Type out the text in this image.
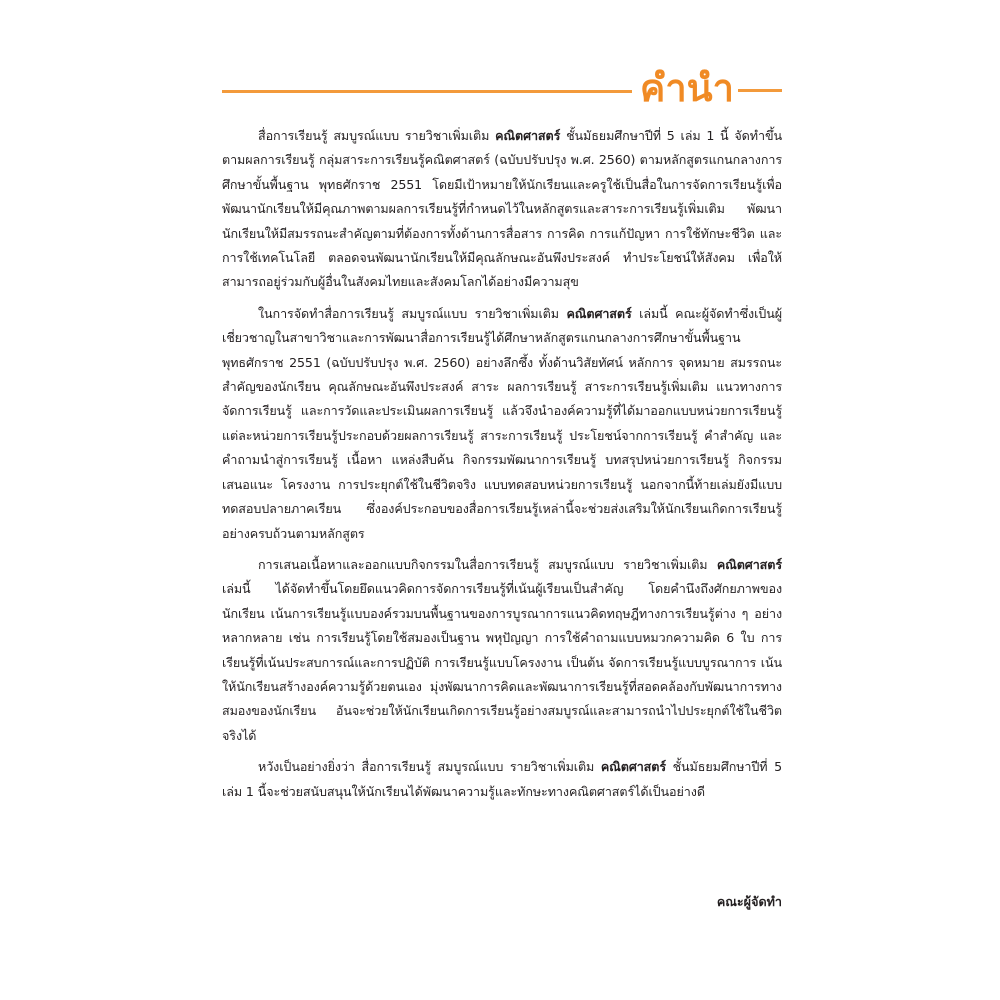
คำนำ

สื่อการเรียนรู้ สมบูรณ์แบบ รายวิชาเพิ่มเติม คณิตศาสตร์ ชั้นมัธยมศึกษาปีที่ 5 เล่ม 1 นี้ จัดทำขึ้นตามผลการเรียนรู้ กลุ่มสาระการเรียนรู้คณิตศาสตร์ (ฉบับปรับปรุง พ.ศ. 2560) ตามหลักสูตรแกนกลางการศึกษาขั้นพื้นฐาน พุทธศักราช 2551 โดยมีเป้าหมายให้นักเรียนและครูใช้เป็นสื่อในการจัดการเรียนรู้เพื่อพัฒนานักเรียนให้มีคุณภาพตามผลการเรียนรู้ที่กำหนดไว้ในหลักสูตรและสาระการเรียนรู้เพิ่มเติม พัฒนานักเรียนให้มีสมรรถนะสำคัญตามที่ต้องการทั้งด้านการสื่อสาร การคิด การแก้ปัญหา การใช้ทักษะชีวิต และการใช้เทคโนโลยี ตลอดจนพัฒนานักเรียนให้มีคุณลักษณะอันพึงประสงค์ ทำประโยชน์ให้สังคม เพื่อให้สามารถอยู่ร่วมกับผู้อื่นในสังคมไทยและสังคมโลกได้อย่างมีความสุข

ในการจัดทำสื่อการเรียนรู้ สมบูรณ์แบบ รายวิชาเพิ่มเติม คณิตศาสตร์ เล่มนี้ คณะผู้จัดทำซึ่งเป็นผู้เชี่ยวชาญในสาขาวิชาและการพัฒนาสื่อการเรียนรู้ได้ศึกษาหลักสูตรแกนกลางการศึกษาขั้นพื้นฐาน พุทธศักราช 2551 (ฉบับปรับปรุง พ.ศ. 2560) อย่างลึกซึ้ง ทั้งด้านวิสัยทัศน์ หลักการ จุดหมาย สมรรถนะสำคัญของนักเรียน คุณลักษณะอันพึงประสงค์ สาระ ผลการเรียนรู้ สาระการเรียนรู้เพิ่มเติม แนวทางการจัดการเรียนรู้ และการวัดและประเมินผลการเรียนรู้ แล้วจึงนำองค์ความรู้ที่ได้มาออกแบบหน่วยการเรียนรู้ แต่ละหน่วยการเรียนรู้ประกอบด้วยผลการเรียนรู้ สาระการเรียนรู้ ประโยชน์จากการเรียนรู้ คำสำคัญ และคำถามนำสู่การเรียนรู้ เนื้อหา แหล่งสืบค้น กิจกรรมพัฒนาการเรียนรู้ บทสรุปหน่วยการเรียนรู้ กิจกรรมเสนอแนะ โครงงาน การประยุกต์ใช้ในชีวิตจริง แบบทดสอบหน่วยการเรียนรู้ นอกจากนี้ท้ายเล่มยังมีแบบทดสอบปลายภาคเรียน ซึ่งองค์ประกอบของสื่อการเรียนรู้เหล่านี้จะช่วยส่งเสริมให้นักเรียนเกิดการเรียนรู้อย่างครบถ้วนตามหลักสูตร

การเสนอเนื้อหาและออกแบบกิจกรรมในสื่อการเรียนรู้ สมบูรณ์แบบ รายวิชาเพิ่มเติม คณิตศาสตร์ เล่มนี้ ได้จัดทำขึ้นโดยยึดแนวคิดการจัดการเรียนรู้ที่เน้นผู้เรียนเป็นสำคัญ โดยคำนึงถึงศักยภาพของนักเรียน เน้นการเรียนรู้แบบองค์รวมบนพื้นฐานของการบูรณาการแนวคิดทฤษฎีทางการเรียนรู้ต่าง ๆ อย่างหลากหลาย เช่น การเรียนรู้โดยใช้สมองเป็นฐาน พหุปัญญา การใช้คำถามแบบหมวกความคิด 6 ใบ การเรียนรู้ที่เน้นประสบการณ์และการปฏิบัติ การเรียนรู้แบบโครงงาน เป็นต้น จัดการเรียนรู้แบบบูรณาการ เน้นให้นักเรียนสร้างองค์ความรู้ด้วยตนเอง มุ่งพัฒนาการคิดและพัฒนาการเรียนรู้ที่สอดคล้องกับพัฒนาการทางสมองของนักเรียน อันจะช่วยให้นักเรียนเกิดการเรียนรู้อย่างสมบูรณ์และสามารถนำไปประยุกต์ใช้ในชีวิตจริงได้

หวังเป็นอย่างยิ่งว่า สื่อการเรียนรู้ สมบูรณ์แบบ รายวิชาเพิ่มเติม คณิตศาสตร์ ชั้นมัธยมศึกษาปีที่ 5 เล่ม 1 นี้จะช่วยสนับสนุนให้นักเรียนได้พัฒนาความรู้และทักษะทางคณิตศาสตร์ได้เป็นอย่างดี

คณะผู้จัดทำ
